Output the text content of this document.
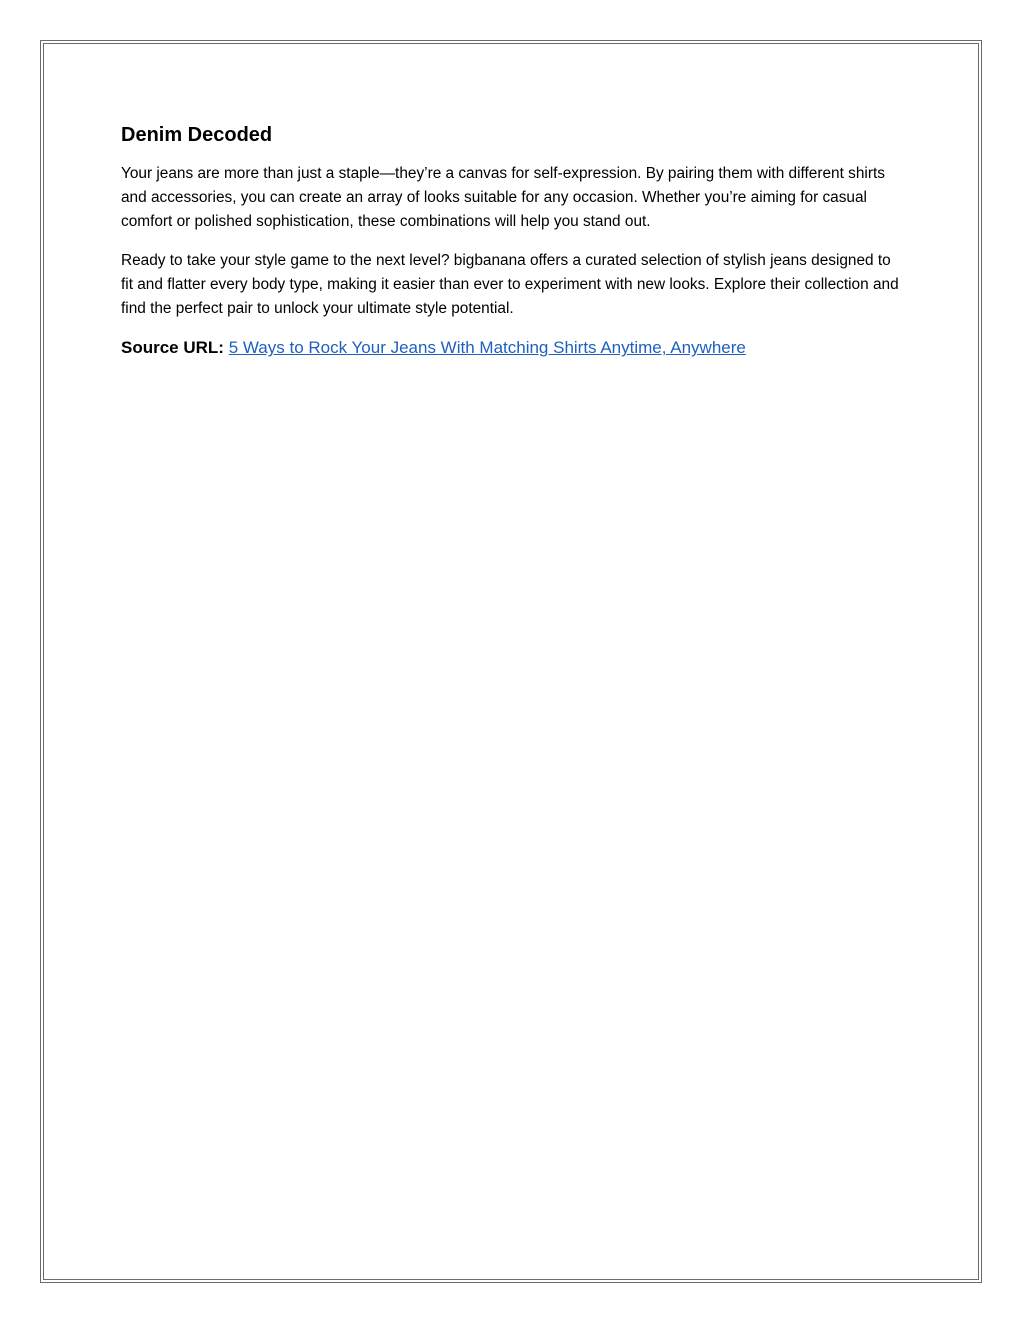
Denim Decoded

Your jeans are more than just a staple—they’re a canvas for self-expression. By pairing them with different shirts and accessories, you can create an array of looks suitable for any occasion. Whether you’re aiming for casual comfort or polished sophistication, these combinations will help you stand out.

Ready to take your style game to the next level? bigbanana offers a curated selection of stylish jeans designed to fit and flatter every body type, making it easier than ever to experiment with new looks. Explore their collection and find the perfect pair to unlock your ultimate style potential.

Source URL: 5 Ways to Rock Your Jeans With Matching Shirts Anytime, Anywhere
